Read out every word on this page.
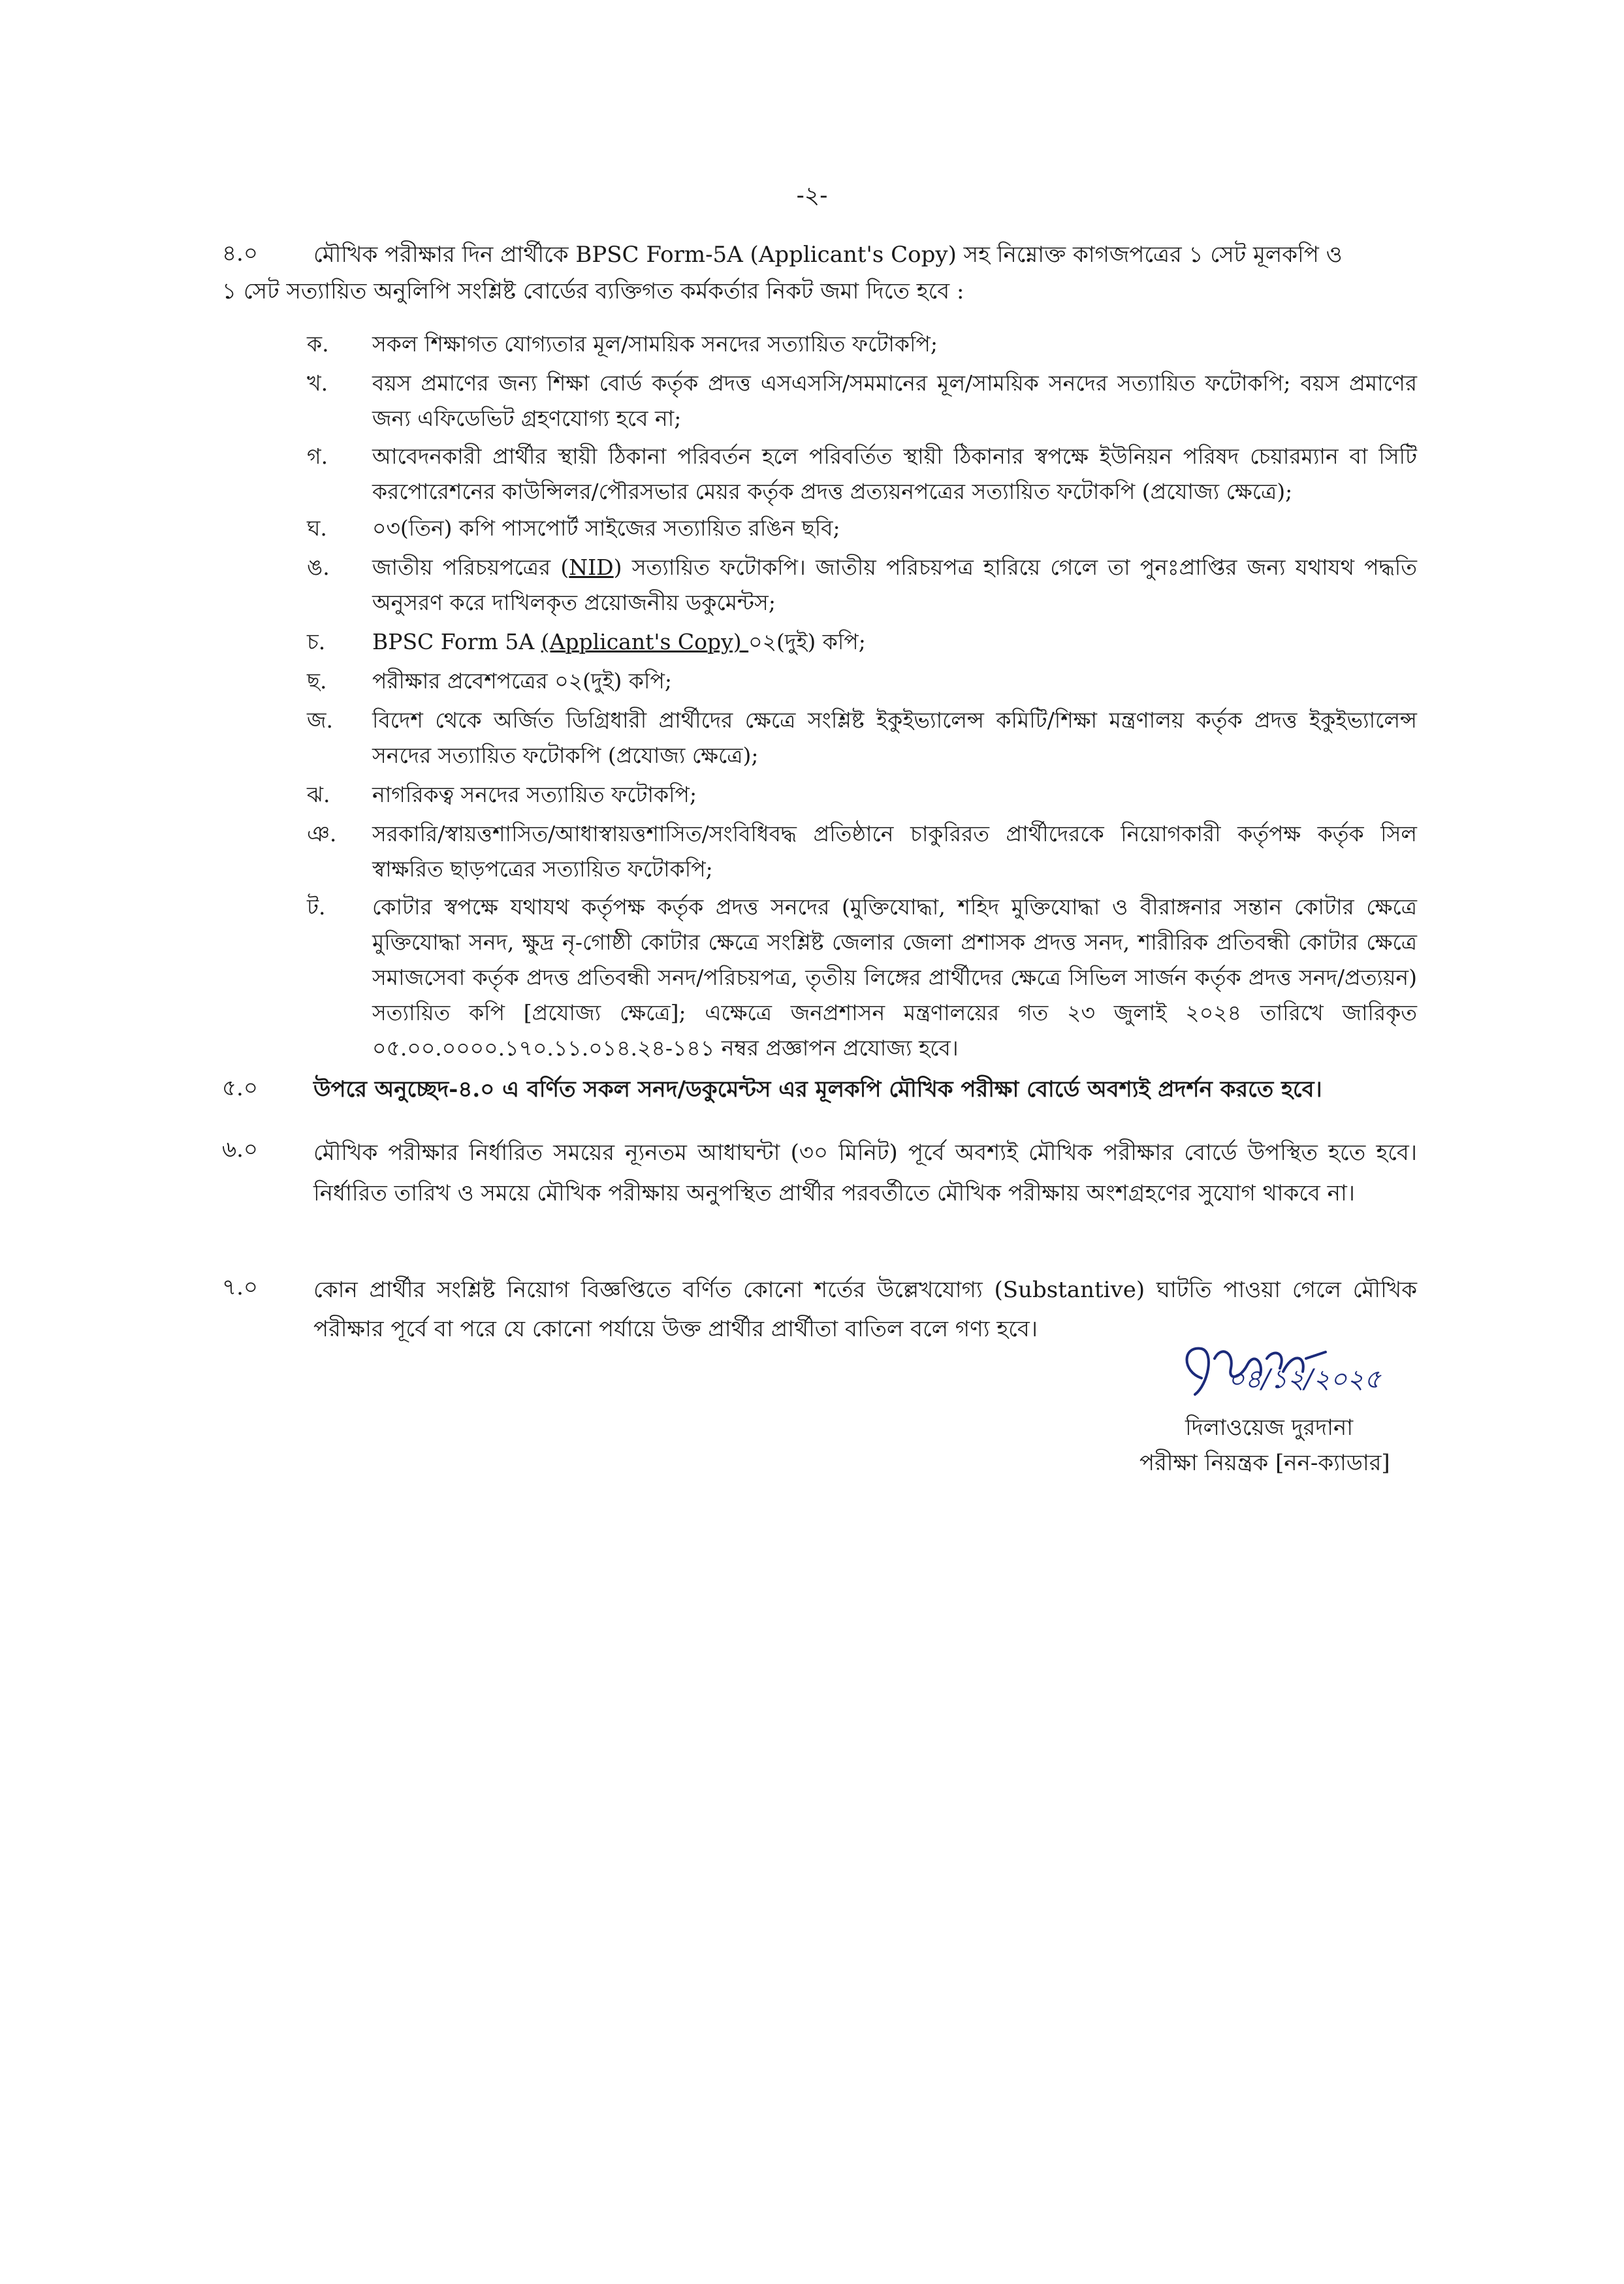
-২-
৪.০	মৌখিক পরীক্ষার দিন প্রার্থীকে BPSC Form-5A (Applicant's Copy) সহ নিম্নোক্ত কাগজপত্রের ১ সেট মূলকপি ও
১ সেট সত্যায়িত অনুলিপি সংশ্লিষ্ট বোর্ডের ব্যক্তিগত কর্মকর্তার নিকট জমা দিতে হবে :
ক.	সকল শিক্ষাগত যোগ্যতার মূল/সাময়িক সনদের সত্যায়িত ফটোকপি;
খ.	বয়স প্রমাণের জন্য শিক্ষা বোর্ড কর্তৃক প্রদত্ত এসএসসি/সমমানের মূল/সাময়িক সনদের সত্যায়িত ফটোকপি; বয়স প্রমাণের জন্য এফিডেভিট গ্রহণযোগ্য হবে না;
গ.	আবেদনকারী প্রার্থীর স্থায়ী ঠিকানা পরিবর্তন হলে পরিবর্তিত স্থায়ী ঠিকানার স্বপক্ষে ইউনিয়ন পরিষদ চেয়ারম্যান বা সিটি করপোরেশনের কাউন্সিলর/পৌরসভার মেয়র কর্তৃক প্রদত্ত প্রত্যয়নপত্রের সত্যায়িত ফটোকপি (প্রযোজ্য ক্ষেত্রে);
ঘ.	০৩(তিন) কপি পাসপোর্ট সাইজের সত্যায়িত রঙিন ছবি;
ঙ.	জাতীয় পরিচয়পত্রের (NID) সত্যায়িত ফটোকপি। জাতীয় পরিচয়পত্র হারিয়ে গেলে তা পুনঃপ্রাপ্তির জন্য যথাযথ পদ্ধতি অনুসরণ করে দাখিলকৃত প্রয়োজনীয় ডকুমেন্টস;
চ.	BPSC Form 5A (Applicant's Copy) ০২(দুই) কপি;
ছ.	পরীক্ষার প্রবেশপত্রের ০২(দুই) কপি;
জ.	বিদেশ থেকে অর্জিত ডিগ্রিধারী প্রার্থীদের ক্ষেত্রে সংশ্লিষ্ট ইকুইভ্যালেন্স কমিটি/শিক্ষা মন্ত্রণালয় কর্তৃক প্রদত্ত ইকুইভ্যালেন্স সনদের সত্যায়িত ফটোকপি (প্রযোজ্য ক্ষেত্রে);
ঝ.	নাগরিকত্ব সনদের সত্যায়িত ফটোকপি;
ঞ.	সরকারি/স্বায়ত্তশাসিত/আধাস্বায়ত্তশাসিত/সংবিধিবদ্ধ প্রতিষ্ঠানে চাকুরিরত প্রার্থীদেরকে নিয়োগকারী কর্তৃপক্ষ কর্তৃক সিল স্বাক্ষরিত ছাড়পত্রের সত্যায়িত ফটোকপি;
ট.	কোটার স্বপক্ষে যথাযথ কর্তৃপক্ষ কর্তৃক প্রদত্ত সনদের (মুক্তিযোদ্ধা, শহিদ মুক্তিযোদ্ধা ও বীরাঙ্গনার সন্তান কোটার ক্ষেত্রে মুক্তিযোদ্ধা সনদ, ক্ষুদ্র নৃ-গোষ্ঠী কোটার ক্ষেত্রে সংশ্লিষ্ট জেলার জেলা প্রশাসক প্রদত্ত সনদ, শারীরিক প্রতিবন্ধী কোটার ক্ষেত্রে সমাজসেবা কর্তৃক প্রদত্ত প্রতিবন্ধী সনদ/পরিচয়পত্র, তৃতীয় লিঙ্গের প্রার্থীদের ক্ষেত্রে সিভিল সার্জন কর্তৃক প্রদত্ত সনদ/প্রত্যয়ন) সত্যায়িত কপি [প্রযোজ্য ক্ষেত্রে]; এক্ষেত্রে জনপ্রশাসন মন্ত্রণালয়ের গত ২৩ জুলাই ২০২৪ তারিখে জারিকৃত ০৫.০০.০০০০.১৭০.১১.০১৪.২৪-১৪১ নম্বর প্রজ্ঞাপন প্রযোজ্য হবে।
৫.০	উপরে অনুচ্ছেদ-৪.০ এ বর্ণিত সকল সনদ/ডকুমেন্টস এর মূলকপি মৌখিক পরীক্ষা বোর্ডে অবশ্যই প্রদর্শন করতে হবে।
৬.০ মৌখিক পরীক্ষার নির্ধারিত সময়ের ন্যূনতম আধাঘন্টা (৩০ মিনিট) পূর্বে অবশ্যই মৌখিক পরীক্ষার বোর্ডে উপস্থিত হতে হবে। নির্ধারিত তারিখ ও সময়ে মৌখিক পরীক্ষায় অনুপস্থিত প্রার্থীর পরবর্তীতে মৌখিক পরীক্ষায় অংশগ্রহণের সুযোগ থাকবে না।
৭.০ কোন প্রার্থীর সংশ্লিষ্ট নিয়োগ বিজ্ঞপ্তিতে বর্ণিত কোনো শর্তের উল্লেখযোগ্য (Substantive) ঘাটতি পাওয়া গেলে মৌখিক পরীক্ষার পূর্বে বা পরে যে কোনো পর্যায়ে উক্ত প্রার্থীর প্রার্থীতা বাতিল বলে গণ্য হবে।
০৪/১২/২০২৫
দিলাওয়েজ দুরদানা
পরীক্ষা নিয়ন্ত্রক [নন-ক্যাডার]
